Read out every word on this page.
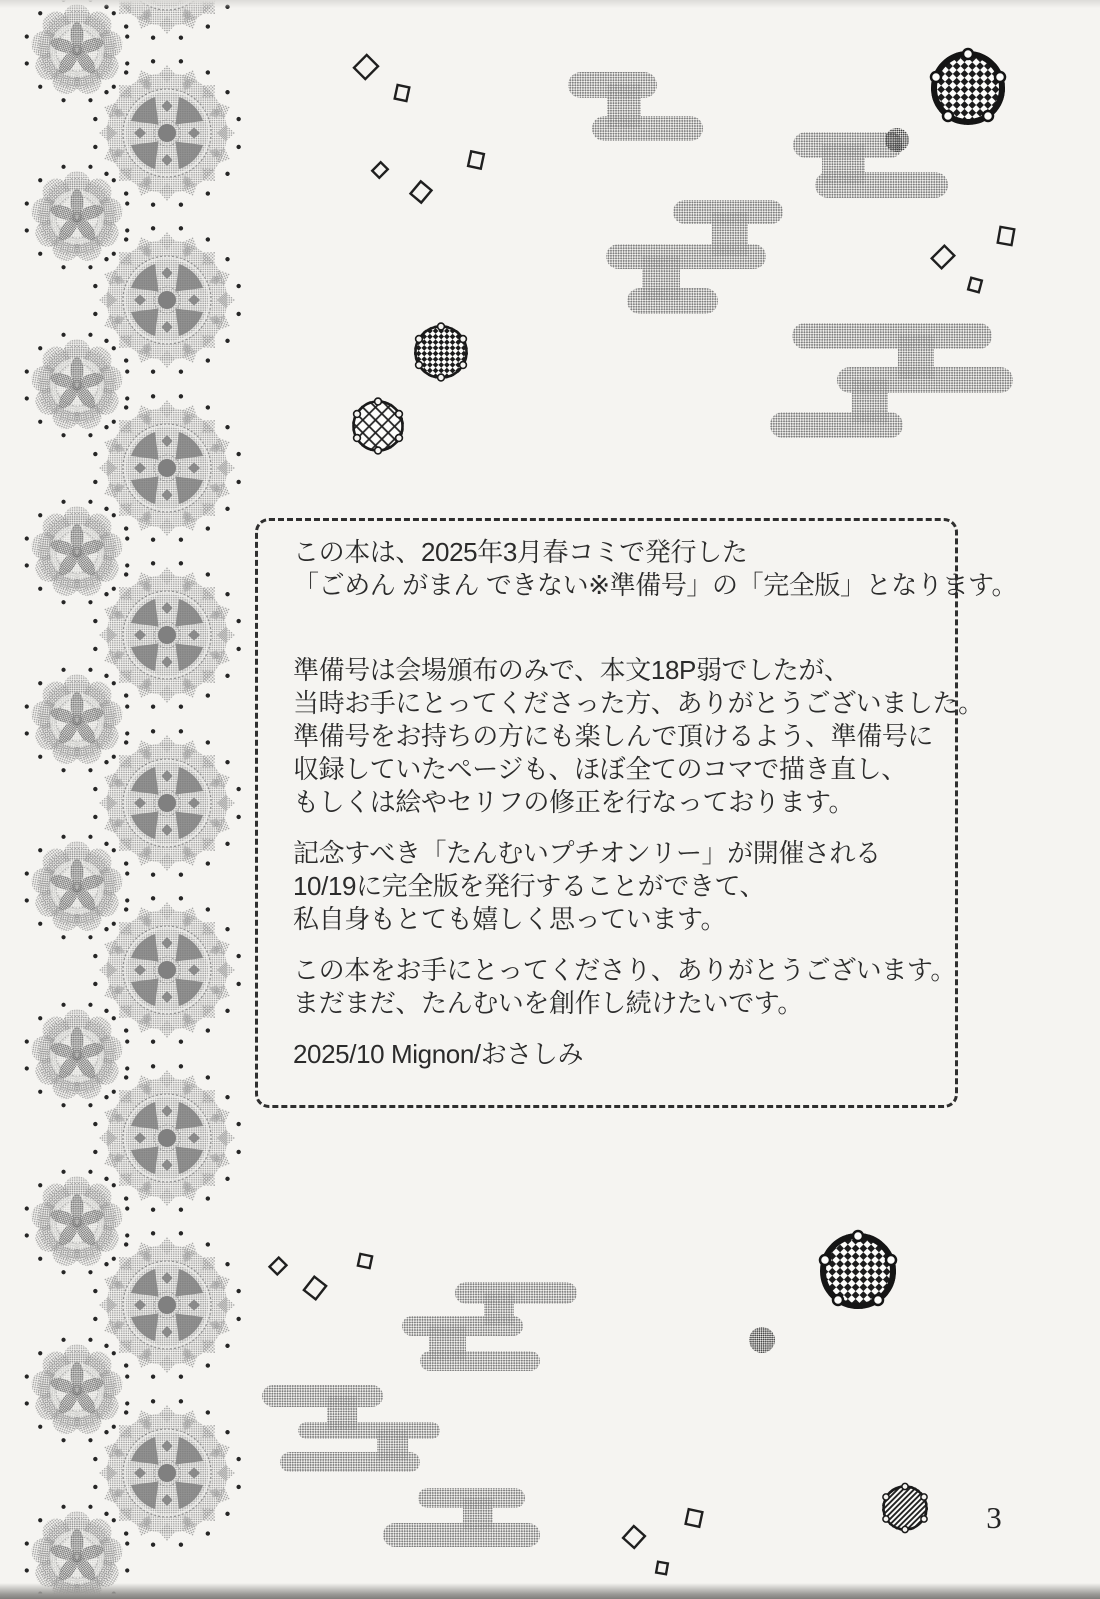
この本は、2025年3月春コミで発行した
「ごめん がまん できない※準備号」の「完全版」となります。

準備号は会場頒布のみで、本文18P弱でしたが、
当時お手にとってくださった方、ありがとうございました。
準備号をお持ちの方にも楽しんで頂けるよう、準備号に
収録していたページも、ほぼ全てのコマで描き直し、
もしくは絵やセリフの修正を行なっております。

記念すべき「たんむいプチオンリー」が開催される
10/19に完全版を発行することができて、
私自身もとても嬉しく思っています。

この本をお手にとってくださり、ありがとうございます。
まだまだ、たんむいを創作し続けたいです。

2025/10 Mignon/おさしみ

3
